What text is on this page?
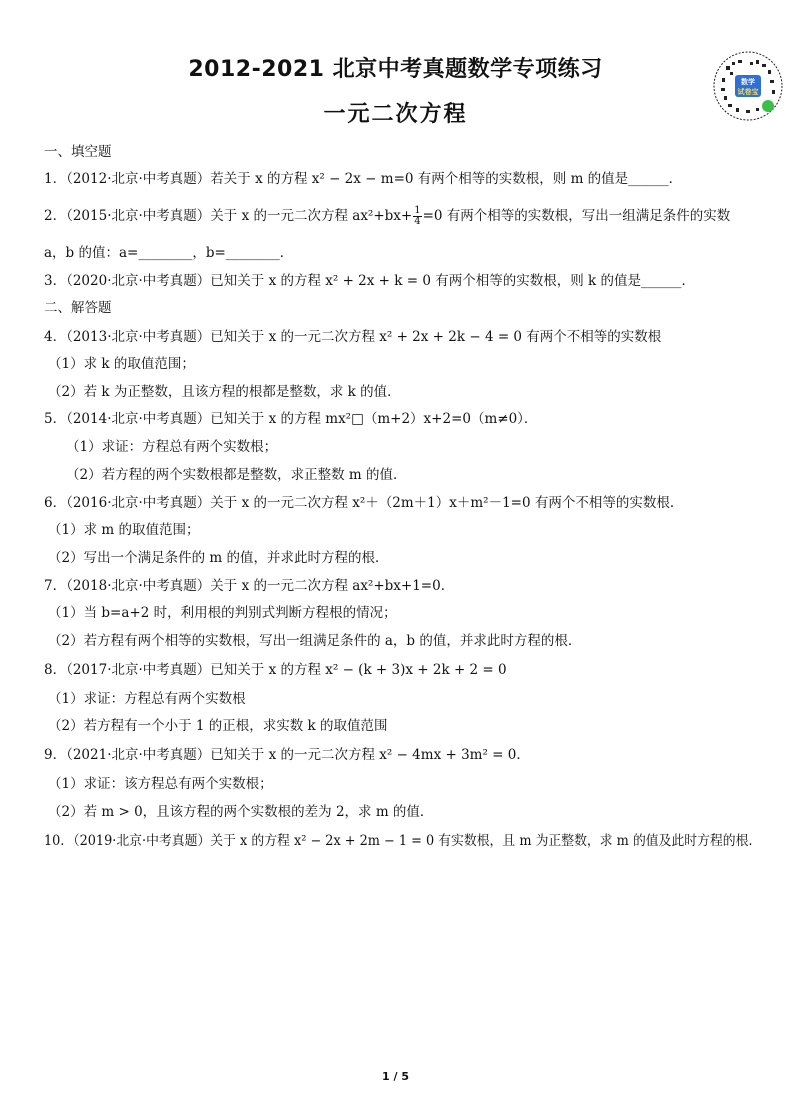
2012-2021 北京中考真题数学专项练习
一元二次方程
数学
试卷宝
一、填空题
1．（2012·北京·中考真题）若关于 x 的方程 x² − 2x − m=0 有两个相等的实数根，则 m 的值是______．
2．（2015·北京·中考真题）关于 x 的一元二次方程 $ax^2+bx+ \frac{1}{4} =0$ 有两个相等的实数根，写出一组满足条件的实数
a，b 的值：a=________，b=________．
3．（2020·北京·中考真题）已知关于 x 的方程 x² + 2x + k = 0 有两个相等的实数根，则 k 的值是______．
二、解答题
4．（2013·北京·中考真题）已知关于 x 的一元二次方程 x² + 2x + 2k − 4 = 0 有两个不相等的实数根
（1）求 k 的取值范围；
（2）若 k 为正整数，且该方程的根都是整数，求 k 的值．
5．（2014·北京·中考真题）已知关于 x 的方程 mx²□（m+2）x+2=0（m≠0）．
（1）求证：方程总有两个实数根；
（2）若方程的两个实数根都是整数，求正整数 m 的值．
6．（2016·北京·中考真题）关于 x 的一元二次方程 x²＋（2m＋1）x＋m²－1=0 有两个不相等的实数根．
（1）求 m 的取值范围；
（2）写出一个满足条件的 m 的值，并求此时方程的根．
7．（2018·北京·中考真题）关于 x 的一元二次方程 ax²+bx+1=0．
（1）当 b=a+2 时，利用根的判别式判断方程根的情况；
（2）若方程有两个相等的实数根，写出一组满足条件的 a，b 的值，并求此时方程的根．
8．（2017·北京·中考真题）已知关于 x 的方程 x² − (k + 3)x + 2k + 2 = 0
（1）求证：方程总有两个实数根
（2）若方程有一个小于 1 的正根，求实数 k 的取值范围
9．（2021·北京·中考真题）已知关于 x 的一元二次方程 x² − 4mx + 3m² = 0．
（1）求证：该方程总有两个实数根；
（2）若 m > 0，且该方程的两个实数根的差为 2，求 m 的值．
10．（2019·北京·中考真题）关于 x 的方程 x² − 2x + 2m − 1 = 0 有实数根，且 m 为正整数，求 m 的值及此时方程的根．
1 / 5
